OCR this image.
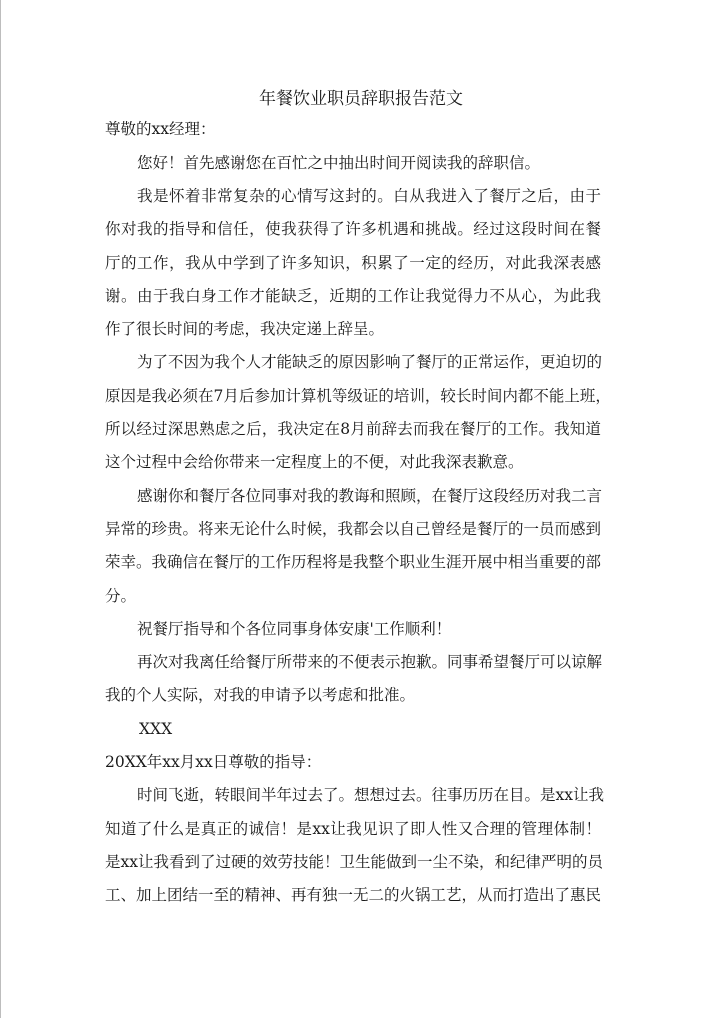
年餐饮业职员辞职报告范文
尊敬的xx经理：
您好！首先感谢您在百忙之中抽出时间开阅读我的辞职信。
我是怀着非常复杂的心情写这封的。白从我进入了餐厅之后，由于
你对我的指导和信任，使我获得了许多机遇和挑战。经过这段时间在餐
厅的工作，我从中学到了许多知识，积累了一定的经历，对此我深表感
谢。由于我白身工作才能缺乏，近期的工作让我觉得力不从心，为此我
作了很长时间的考虑，我决定递上辞呈。
为了不因为我个人才能缺乏的原因影响了餐厅的正常运作，更迫切的
原因是我必须在7月后参加计算机等级证的培训，较长时间内都不能上班，
所以经过深思熟虑之后，我决定在8月前辞去而我在餐厅的工作。我知道
这个过程中会给你带来一定程度上的不便，对此我深表歉意。
感谢你和餐厅各位同事对我的教诲和照顾，在餐厅这段经历对我二言
异常的珍贵。将来无论什么时候，我都会以自己曾经是餐厅的一员而感到
荣幸。我确信在餐厅的工作历程将是我整个职业生涯开展中相当重要的部
分。
祝餐厅指导和个各位同事身体安康'工作顺利！
再次对我离任给餐厅所带来的不便表示抱歉。同事希望餐厅可以谅解
我的个人实际，对我的申请予以考虑和批准。
XXX
20XX年xx月xx日尊敬的指导：
时间飞逝，转眼间半年过去了。想想过去。往事历历在目。是xx让我
知道了什么是真正的诚信！是xx让我见识了即人性又合理的管理体制！
是xx让我看到了过硬的效劳技能！卫生能做到一尘不染，和纪律严明的员
工、加上团结一至的精神、再有独一无二的火锅工艺，从而打造出了惠民
